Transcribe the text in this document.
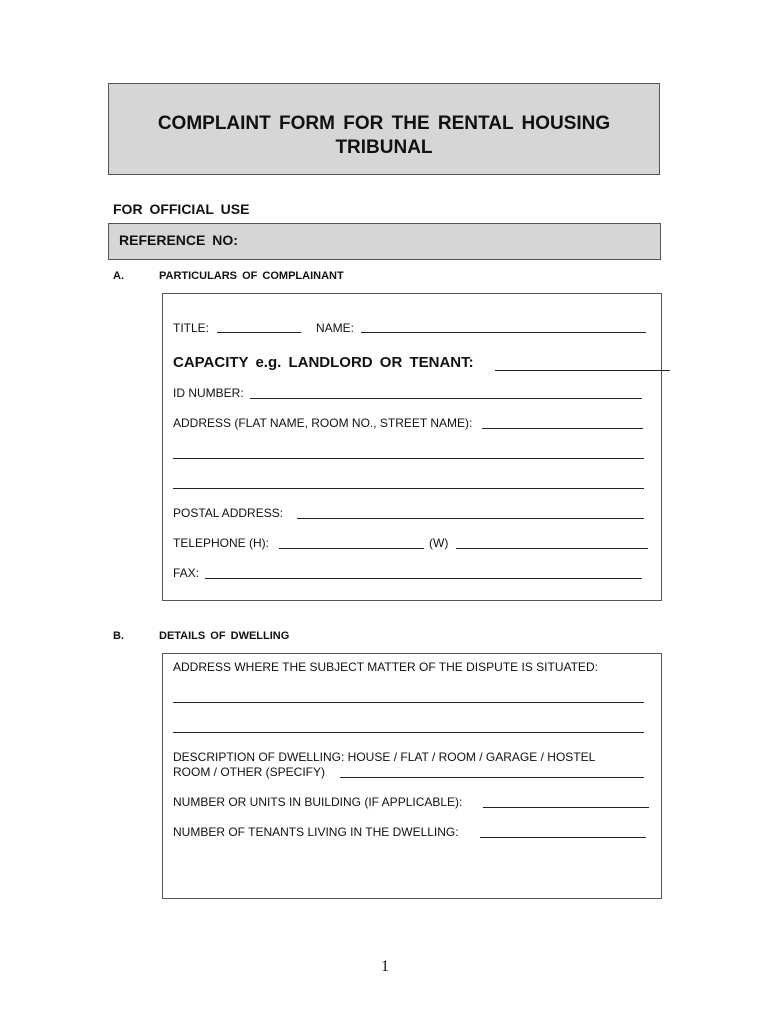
COMPLAINT FORM FOR THE RENTAL HOUSING
TRIBUNAL
FOR OFFICIAL USE
REFERENCE NO:
A.	PARTICULARS OF COMPLAINANT
TITLE:	NAME:
CAPACITY e.g. LANDLORD OR TENANT:
ID NUMBER:
ADDRESS (FLAT NAME, ROOM NO., STREET NAME):
POSTAL ADDRESS:
TELEPHONE (H):	(W)
FAX:
B.	DETAILS OF DWELLING
ADDRESS WHERE THE SUBJECT MATTER OF THE DISPUTE IS SITUATED:
DESCRIPTION OF DWELLING: HOUSE / FLAT / ROOM / GARAGE / HOSTEL
ROOM / OTHER (SPECIFY)
NUMBER OR UNITS IN BUILDING (IF APPLICABLE):
NUMBER OF TENANTS LIVING IN THE DWELLING:
1
